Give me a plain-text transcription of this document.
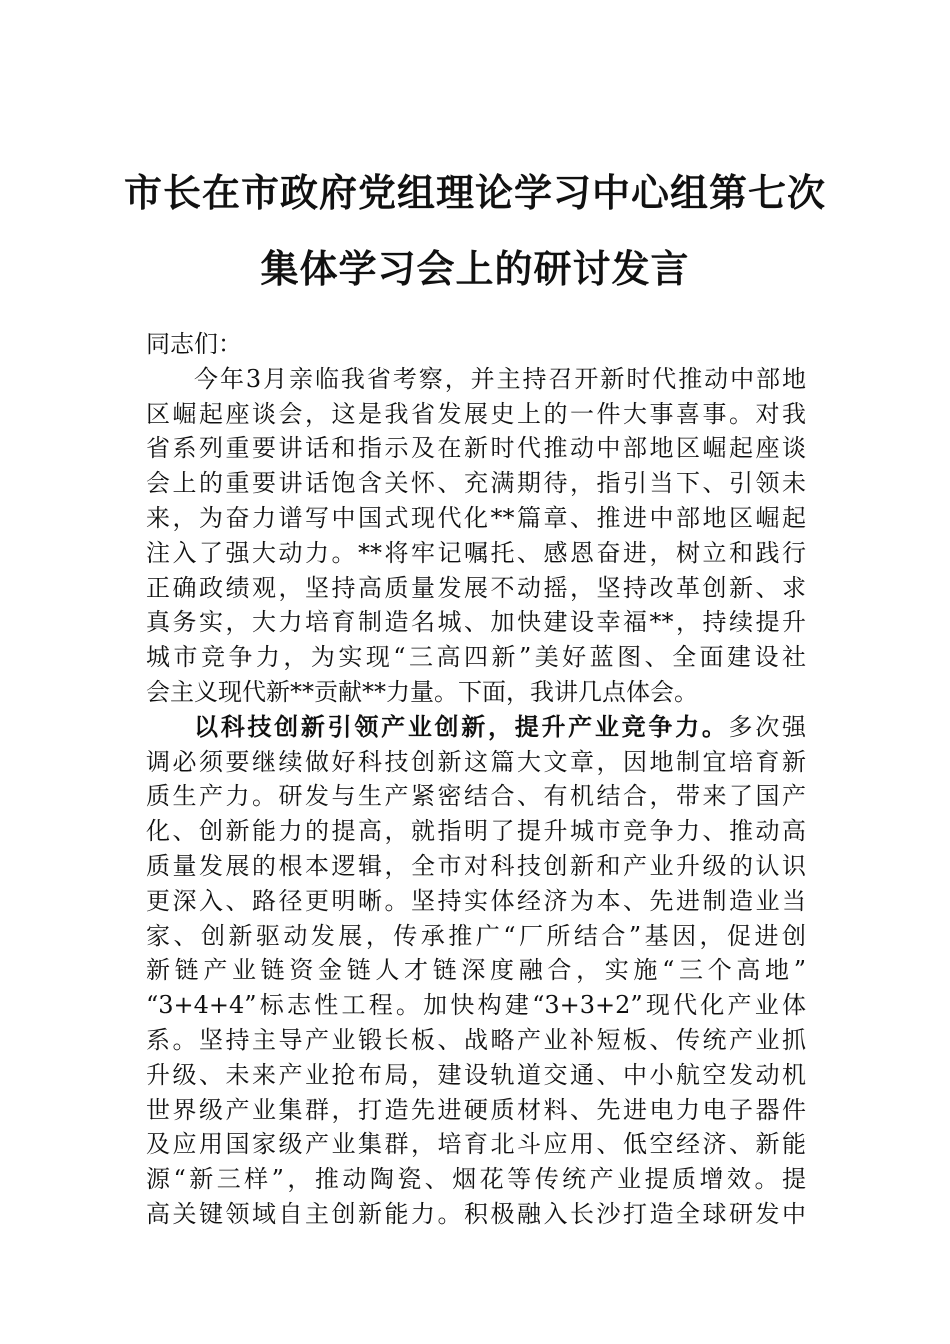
市长在市政府党组理论学习中心组第七次
集体学习会上的研讨发言
同志们：
今年3月亲临我省考察，并主持召开新时代推动中部地
区崛起座谈会，这是我省发展史上的一件大事喜事。对我
省系列重要讲话和指示及在新时代推动中部地区崛起座谈
会上的重要讲话饱含关怀、充满期待，指引当下、引领未
来，为奋力谱写中国式现代化**篇章、推进中部地区崛起
注入了强大动力。**将牢记嘱托、感恩奋进，树立和践行
正确政绩观，坚持高质量发展不动摇，坚持改革创新、求
真务实，大力培育制造名城、加快建设幸福**，持续提升
城市竞争力，为实现“三高四新”美好蓝图、全面建设社
会主义现代新**贡献**力量。下面，我讲几点体会。
以科技创新引领产业创新，提升产业竞争力。多次强
调必须要继续做好科技创新这篇大文章，因地制宜培育新
质生产力。研发与生产紧密结合、有机结合，带来了国产
化、创新能力的提高，就指明了提升城市竞争力、推动高
质量发展的根本逻辑，全市对科技创新和产业升级的认识
更深入、路径更明晰。坚持实体经济为本、先进制造业当
家、创新驱动发展，传承推广“厂所结合”基因，促进创
新链产业链资金链人才链深度融合，实施“三个高地”
“3+4+4”标志性工程。加快构建“3+3+2”现代化产业体
系。坚持主导产业锻长板、战略产业补短板、传统产业抓
升级、未来产业抢布局，建设轨道交通、中小航空发动机
世界级产业集群，打造先进硬质材料、先进电力电子器件
及应用国家级产业集群，培育北斗应用、低空经济、新能
源“新三样”，推动陶瓷、烟花等传统产业提质增效。提
高关键领域自主创新能力。积极融入长沙打造全球研发中
